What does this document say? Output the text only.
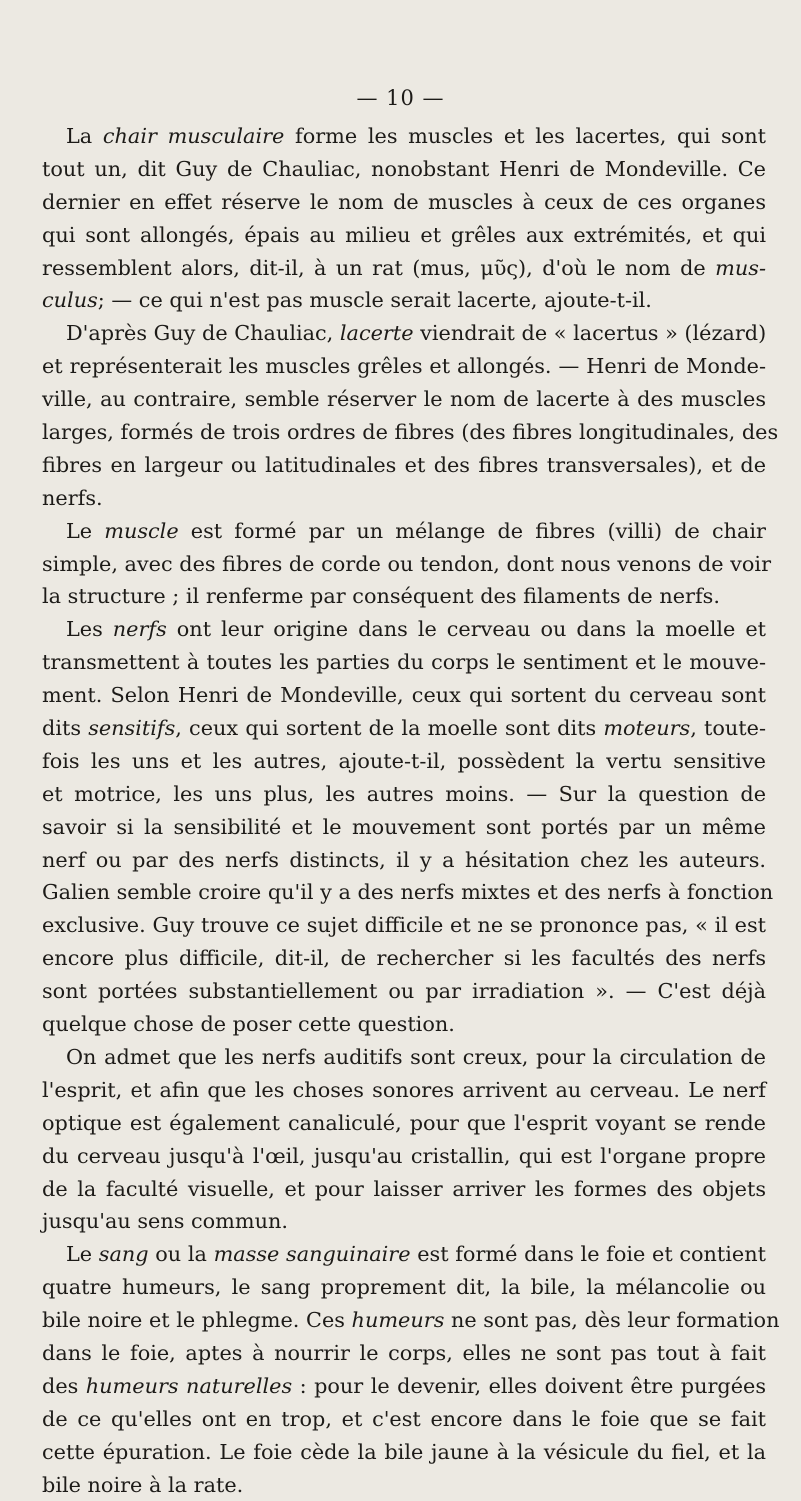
— 10 —
La chair musculaire forme les muscles et les lacertes, qui sont
tout un, dit Guy de Chauliac, nonobstant Henri de Mondeville. Ce
dernier en effet réserve le nom de muscles à ceux de ces organes
qui sont allongés, épais au milieu et grêles aux extrémités, et qui
ressemblent alors, dit-il, à un rat (mus, μῦς), d'où le nom de mus-
culus; — ce qui n'est pas muscle serait lacerte, ajoute-t-il.
D'après Guy de Chauliac, lacerte viendrait de « lacertus » (lézard)
et représenterait les muscles grêles et allongés. — Henri de Monde-
ville, au contraire, semble réserver le nom de lacerte à des muscles
larges, formés de trois ordres de fibres (des fibres longitudinales, des
fibres en largeur ou latitudinales et des fibres transversales), et de
nerfs.
Le muscle est formé par un mélange de fibres (villi) de chair
simple, avec des fibres de corde ou tendon, dont nous venons de voir
la structure ; il renferme par conséquent des filaments de nerfs.
Les nerfs ont leur origine dans le cerveau ou dans la moelle et
transmettent à toutes les parties du corps le sentiment et le mouve-
ment. Selon Henri de Mondeville, ceux qui sortent du cerveau sont
dits sensitifs, ceux qui sortent de la moelle sont dits moteurs, toute-
fois les uns et les autres, ajoute-t-il, possèdent la vertu sensitive
et motrice, les uns plus, les autres moins. — Sur la question de
savoir si la sensibilité et le mouvement sont portés par un même
nerf ou par des nerfs distincts, il y a hésitation chez les auteurs.
Galien semble croire qu'il y a des nerfs mixtes et des nerfs à fonction
exclusive. Guy trouve ce sujet difficile et ne se prononce pas, « il est
encore plus difficile, dit-il, de rechercher si les facultés des nerfs
sont portées substantiellement ou par irradiation ». — C'est déjà
quelque chose de poser cette question.
On admet que les nerfs auditifs sont creux, pour la circulation de
l'esprit, et afin que les choses sonores arrivent au cerveau. Le nerf
optique est également canaliculé, pour que l'esprit voyant se rende
du cerveau jusqu'à l'œil, jusqu'au cristallin, qui est l'organe propre
de la faculté visuelle, et pour laisser arriver les formes des objets
jusqu'au sens commun.
Le sang ou la masse sanguinaire est formé dans le foie et contient
quatre humeurs, le sang proprement dit, la bile, la mélancolie ou
bile noire et le phlegme. Ces humeurs ne sont pas, dès leur formation
dans le foie, aptes à nourrir le corps, elles ne sont pas tout à fait
des humeurs naturelles : pour le devenir, elles doivent être purgées
de ce qu'elles ont en trop, et c'est encore dans le foie que se fait
cette épuration. Le foie cède la bile jaune à la vésicule du fiel, et la
bile noire à la rate.
